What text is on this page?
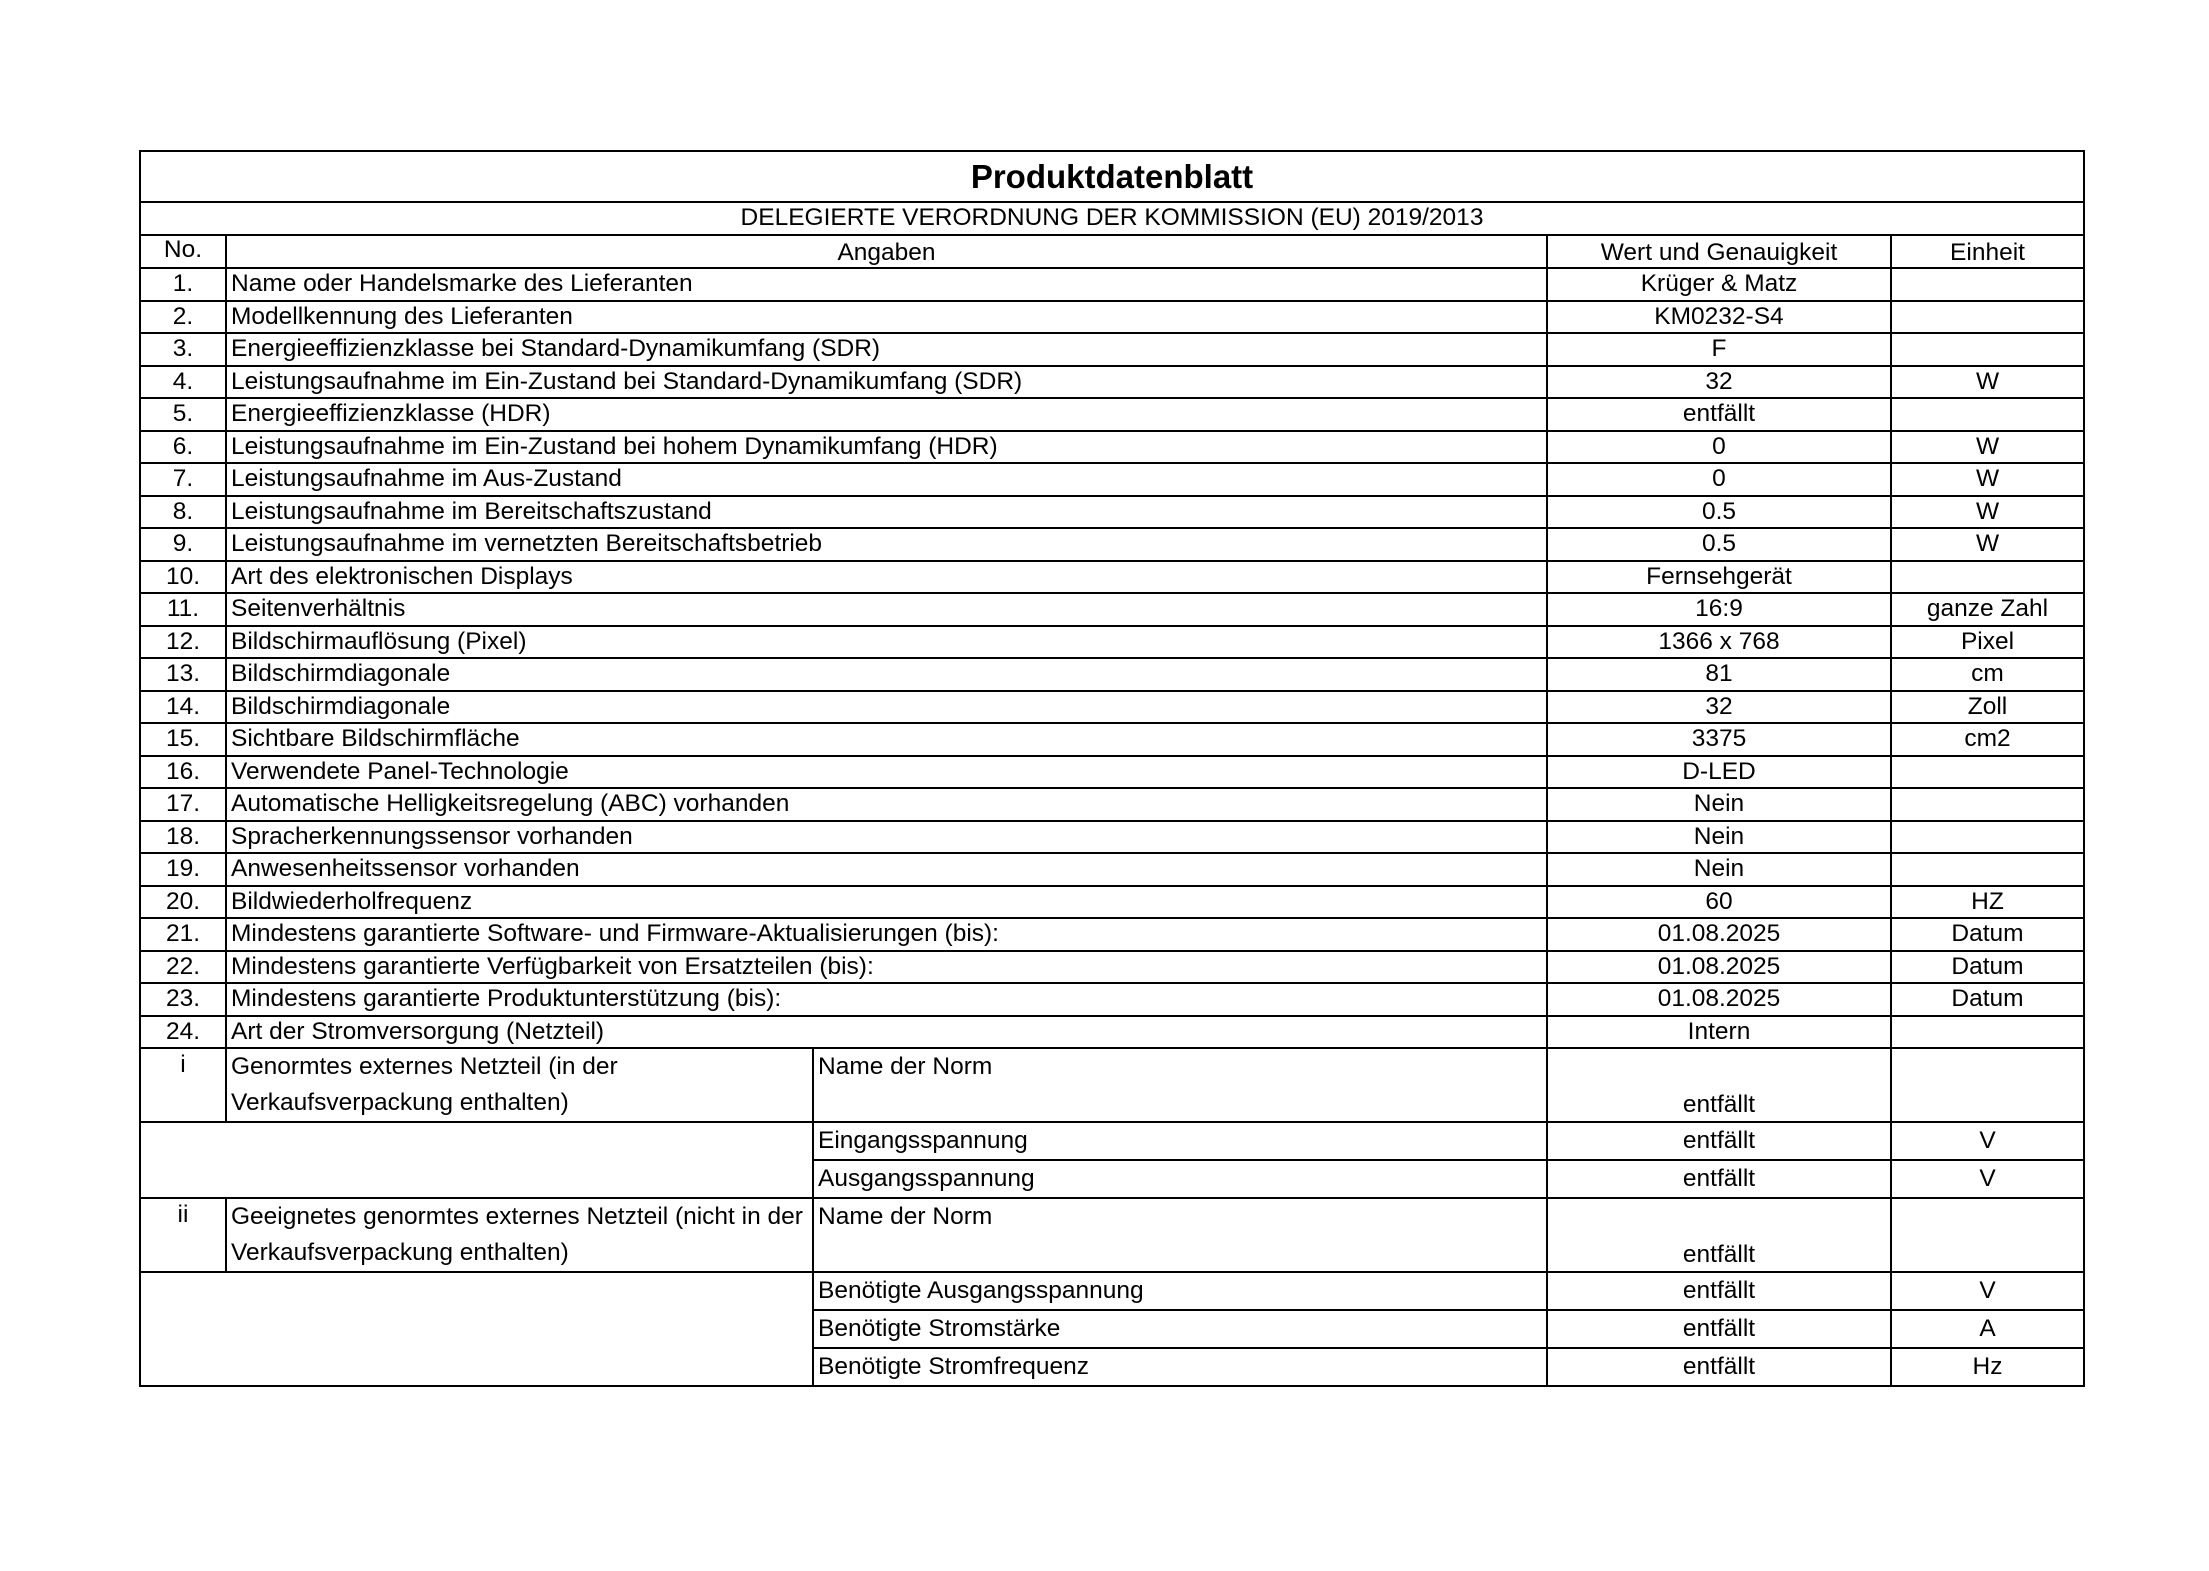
Produktdatenblatt				
DELEGIERTE VERORDNUNG DER KOMMISSION (EU) 2019/2013				
No.	Angaben		Wert und Genauigkeit	Einheit
1.	Name oder Handelsmarke des Lieferanten		Krüger & Matz	
2.	Modellkennung des Lieferanten		KM0232-S4	
3.	Energieeffizienzklasse bei Standard-Dynamikumfang (SDR)		F	
4.	Leistungsaufnahme im Ein-Zustand bei Standard-Dynamikumfang (SDR)		32	W
5.	Energieeffizienzklasse (HDR)		entfällt	
6.	Leistungsaufnahme im Ein-Zustand bei hohem Dynamikumfang (HDR)		0	W
7.	Leistungsaufnahme im Aus-Zustand		0	W
8.	Leistungsaufnahme im Bereitschaftszustand		0.5	W
9.	Leistungsaufnahme im vernetzten Bereitschaftsbetrieb		0.5	W
10.	Art des elektronischen Displays		Fernsehgerät	
11.	Seitenverhältnis		16:9	ganze Zahl
12.	Bildschirmauflösung (Pixel)		1366 x 768	Pixel
13.	Bildschirmdiagonale		81	cm
14.	Bildschirmdiagonale		32	Zoll
15.	Sichtbare Bildschirmfläche		3375	cm2
16.	Verwendete Panel-Technologie		D-LED	
17.	Automatische Helligkeitsregelung (ABC) vorhanden		Nein	
18.	Spracherkennungssensor vorhanden		Nein	
19.	Anwesenheitssensor vorhanden		Nein	
20.	Bildwiederholfrequenz		60	HZ
21.	Mindestens garantierte Software- und Firmware-Aktualisierungen (bis):		01.08.2025	Datum
22.	Mindestens garantierte Verfügbarkeit von Ersatzteilen (bis):		01.08.2025	Datum
23.	Mindestens garantierte Produktunterstützung (bis):		01.08.2025	Datum
24.	Art der Stromversorgung (Netzteil)		Intern	
i	Genormtes externes Netzteil (in der Verkaufsverpackung enthalten)	Name der Norm	entfällt	
		Eingangsspannung	entfällt	V
		Ausgangsspannung	entfällt	V
ii	Geeignetes genormtes externes Netzteil (nicht in der Verkaufsverpackung enthalten)	Name der Norm	entfällt	
		Benötigte Ausgangsspannung	entfällt	V
		Benötigte Stromstärke	entfällt	A
		Benötigte Stromfrequenz	entfällt	Hz
